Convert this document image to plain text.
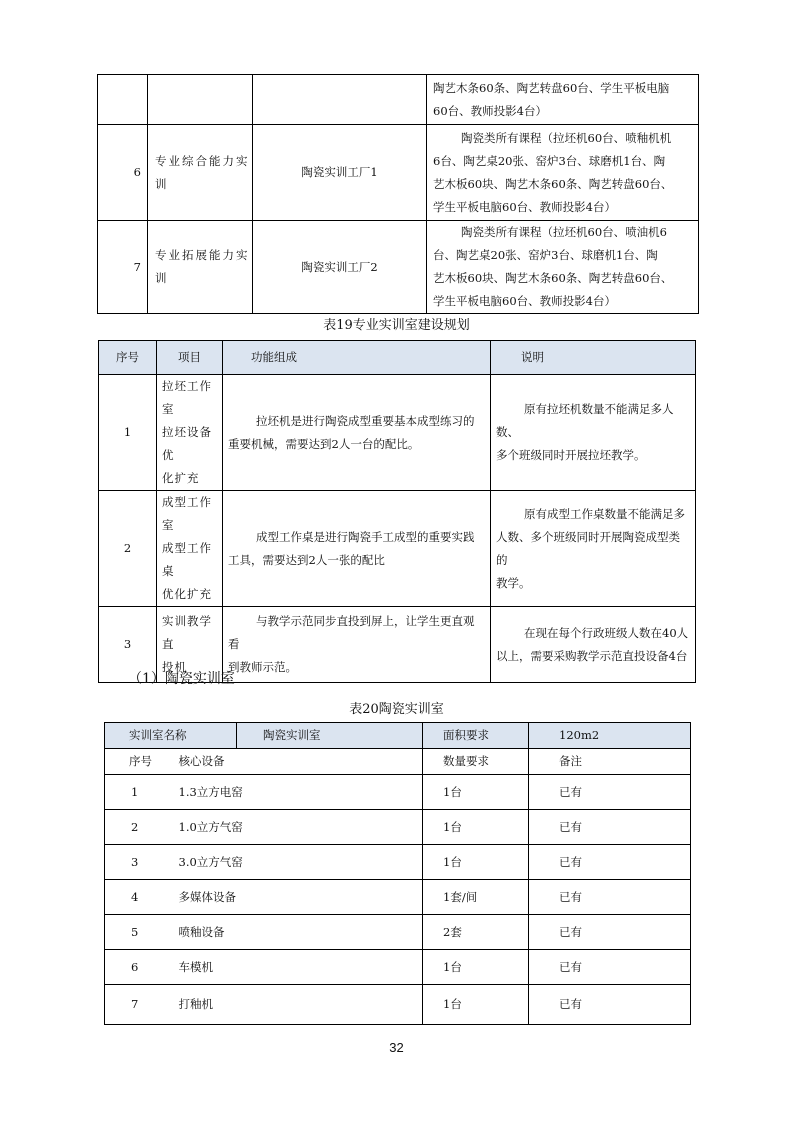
			陶艺木条60条、陶艺转盘60台、学生平板电脑
60台、教师投影4台）

6	专业综合能力实
训	陶瓷实训工厂1	陶瓷类所有课程（拉坯机60台、喷釉机机
6台、陶艺桌20张、窑炉3台、球磨机1台、陶
艺木板60块、陶艺木条60条、陶艺转盘60台、
学生平板电脑60台、教师投影4台）

7	专业拓展能力实
训	陶瓷实训工厂2	陶瓷类所有课程（拉坯机60台、喷油机6
台、陶艺桌20张、窑炉3台、球磨机1台、陶
艺木板60块、陶艺木条60条、陶艺转盘60台、
学生平板电脑60台、教师投影4台）
表19专业实训室建设规划
序号	项目	功能组成	说明
1	拉坯工作室
拉坯设备优
化扩充	拉坯机是进行陶瓷成型重要基本成型练习的
重要机械，需要达到2人一台的配比。	原有拉坯机数量不能满足多人数、
多个班级同时开展拉坯教学。

2	成型工作室
成型工作桌
优化扩充	成型工作桌是进行陶瓷手工成型的重要实践
工具，需要达到2人一张的配比	原有成型工作桌数量不能满足多
人数、多个班级同时开展陶瓷成型类的
教学。

3	实训教学直
投机	与教学示范同步直投到屏上，让学生更直观看
到教师示范。	在现在每个行政班级人数在40人
以上，需要采购教学示范直投设备4台
（1）陶瓷实训室
表20陶瓷实训室
实训室名称		陶瓷实训室	面积要求	120m2
序号	核心设备		数量要求	备注
1	1.3立方电窑		1台	已有
2	1.0立方气窑		1台	已有
3	3.0立方气窑		1台	已有
4	多媒体设备		1套/间	已有
5	喷釉设备		2套	已有
6	车模机		1台	已有
7	打釉机		1台	已有
32
